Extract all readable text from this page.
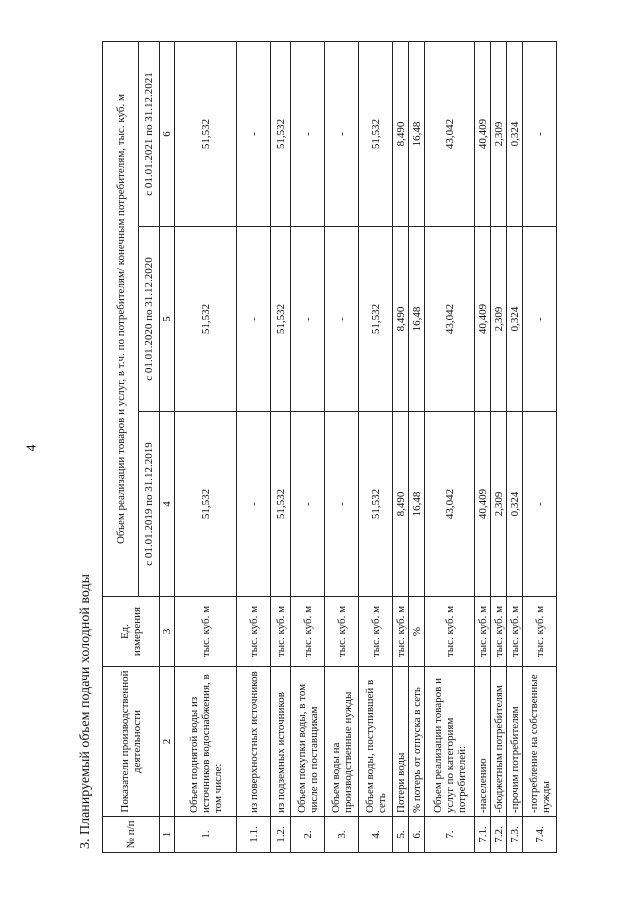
4
3. Планируемый объем подачи холодной воды	№ п/п	Показатели производственной деятельности	Ед. измерения	Объем реализации товаров и услуг, в т.ч. по потребителям/ конечным потребителям, тыс. куб. м		
			с 01.01.2019 по 31.12.2019	с 01.01.2020 по 31.12.2020	с 01.01.2021 по 31.12.2021
1	2	3	4	5	6
1.	Объем поднятой воды из источников водоснабжения, в том числе:	тыс. куб. м	51,532	51,532	51,532
1.1.	из поверхностных источников	тыс. куб. м	-	-	-
1.2.	из подземных источников	тыс. куб. м	51,532	51,532	51,532
2.	Объем покупки воды, в том числе по поставщикам	тыс. куб. м	-	-	-
3.	Объем воды на производственные нужды	тыс. куб. м	-	-	-
4.	Объем воды, поступившей в сеть	тыс. куб. м	51,532	51,532	51,532
5.	Потери воды	тыс. куб. м	8,490	8,490	8,490
6.	% потерь от отпуска в сеть	%	16,48	16,48	16,48
7.	Объем реализации товаров и услуг по категориям потребителей:	тыс. куб. м	43,042	43,042	43,042
7.1.	-населению	тыс. куб. м	40,409	40,409	40,409
7.2.	-бюджетным потребителям	тыс. куб. м	2,309	2,309	2,309
7.3.	-прочим потребителям	тыс. куб. м	0,324	0,324	0,324
7.4.	-потребление на собственные нужды	тыс. куб. м	-	-	-
